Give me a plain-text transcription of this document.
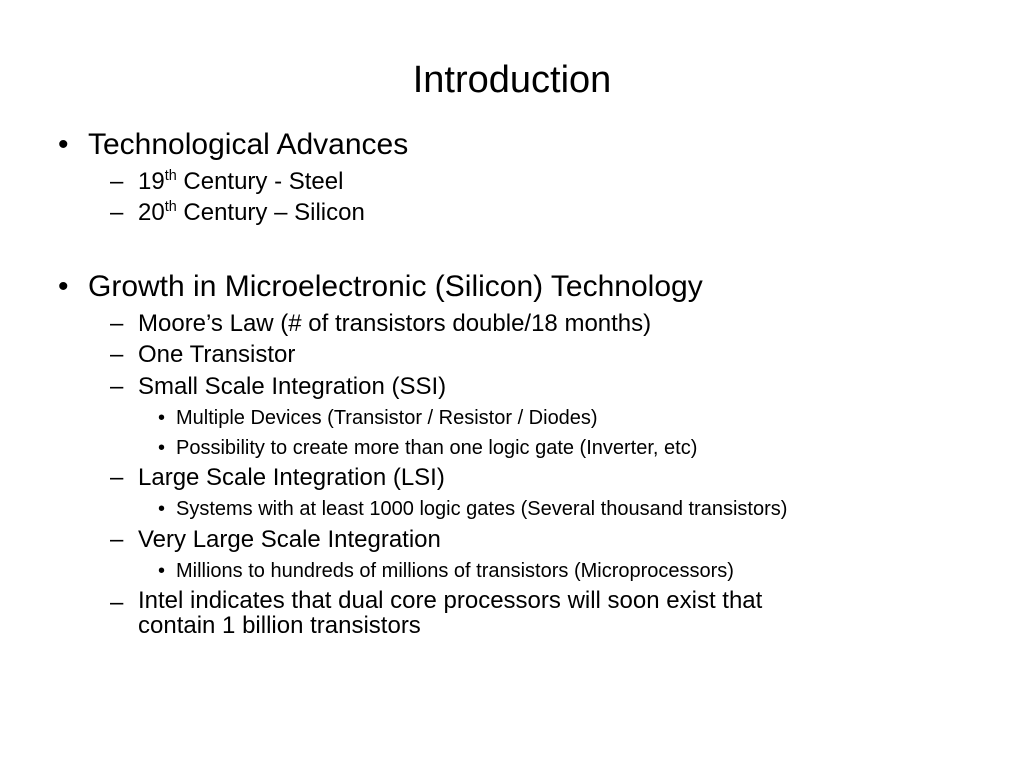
Introduction
• Technological Advances
– 19th Century - Steel
– 20th Century – Silicon
• Growth in Microelectronic (Silicon) Technology
– Moore’s Law (# of transistors double/18 months)
– One Transistor
– Small Scale Integration (SSI)
• Multiple Devices (Transistor / Resistor / Diodes)
• Possibility to create more than one logic gate (Inverter, etc)
– Large Scale Integration (LSI)
• Systems with at least 1000 logic gates (Several thousand transistors)
– Very Large Scale Integration
• Millions to hundreds of millions of transistors (Microprocessors)
– Intel indicates that dual core processors will soon exist that
contain 1 billion transistors
